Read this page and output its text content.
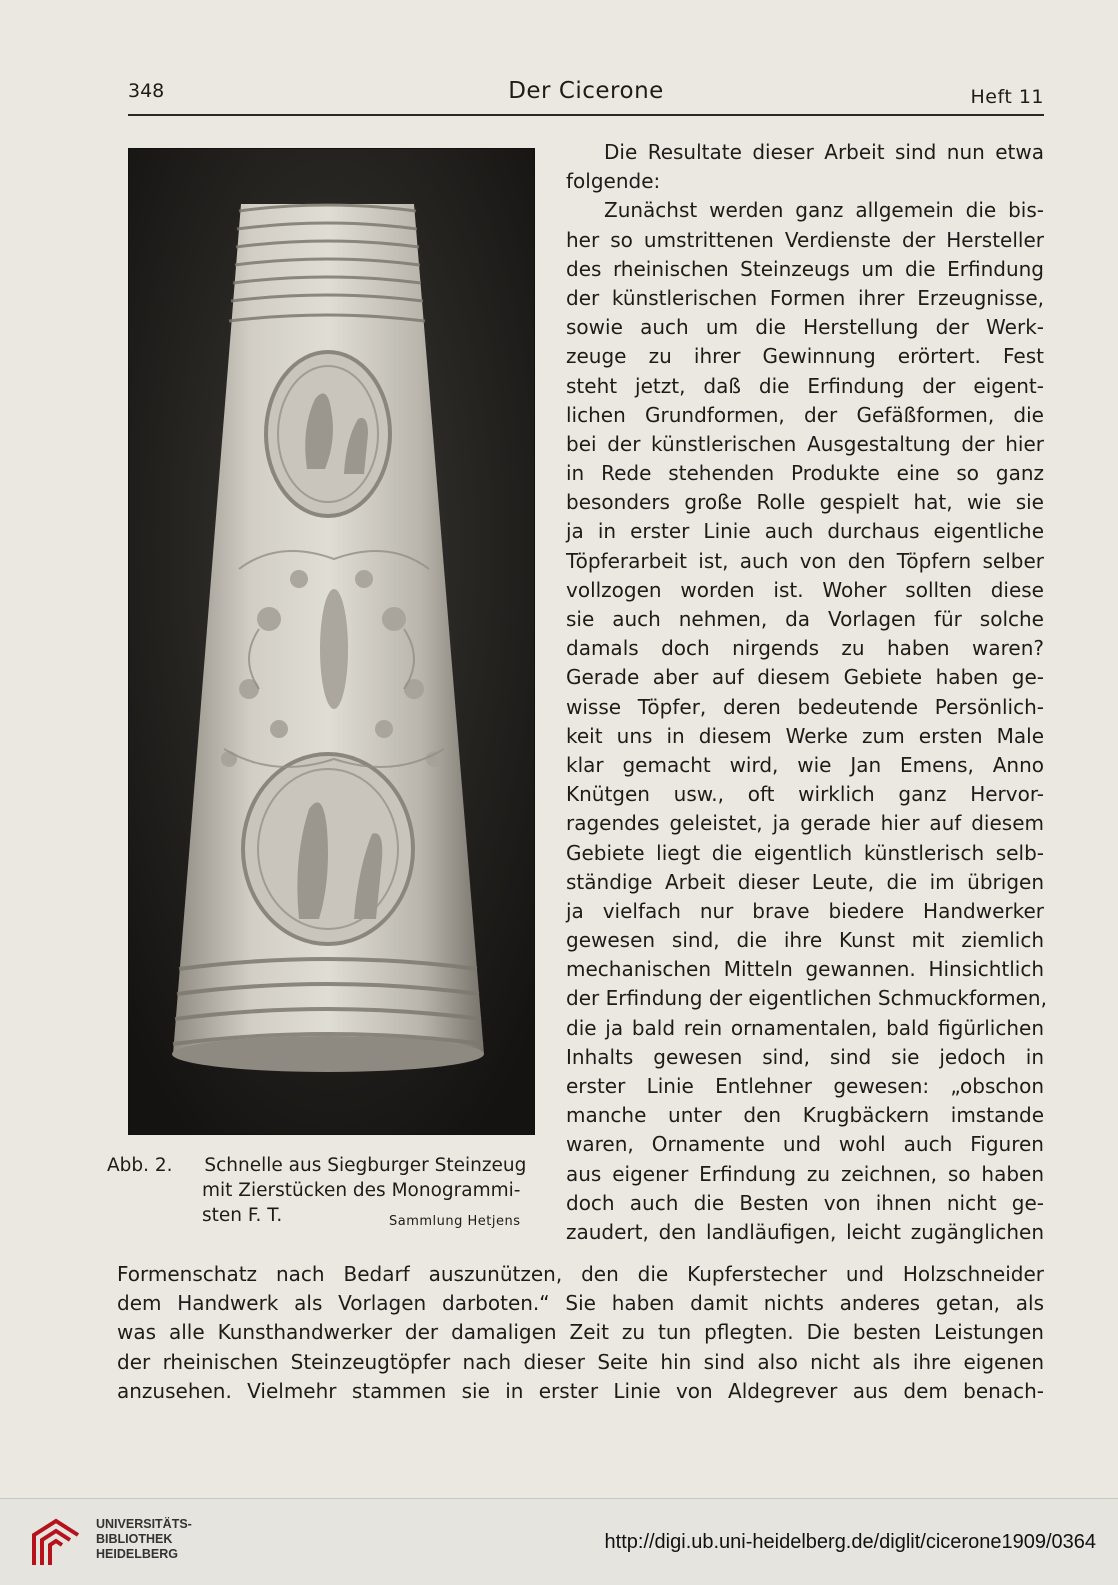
348	Der Cicerone	Heft 11
Abb. 2. Schnelle aus Siegburger Steinzeug
mit Zierstücken des Monogrammi-
sten F. T.	Sammlung Hetjens
Die Resultate dieser Arbeit sind nun etwa
folgende:
Zunächst werden ganz allgemein die bis-
her so umstrittenen Verdienste der Hersteller
des rheinischen Steinzeugs um die Erfindung
der künstlerischen Formen ihrer Erzeugnisse,
sowie auch um die Herstellung der Werk-
zeuge zu ihrer Gewinnung erörtert. Fest
steht jetzt, daß die Erfindung der eigent-
lichen Grundformen, der Gefäßformen, die
bei der künstlerischen Ausgestaltung der hier
in Rede stehenden Produkte eine so ganz
besonders große Rolle gespielt hat, wie sie
ja in erster Linie auch durchaus eigentliche
Töpferarbeit ist, auch von den Töpfern selber
vollzogen worden ist. Woher sollten diese
sie auch nehmen, da Vorlagen für solche
damals doch nirgends zu haben waren?
Gerade aber auf diesem Gebiete haben ge-
wisse Töpfer, deren bedeutende Persönlich-
keit uns in diesem Werke zum ersten Male
klar gemacht wird, wie Jan Emens, Anno
Knütgen usw., oft wirklich ganz Hervor-
ragendes geleistet, ja gerade hier auf diesem
Gebiete liegt die eigentlich künstlerisch selb-
ständige Arbeit dieser Leute, die im übrigen
ja vielfach nur brave biedere Handwerker
gewesen sind, die ihre Kunst mit ziemlich
mechanischen Mitteln gewannen. Hinsichtlich
der Erfindung der eigentlichen Schmuckformen,
die ja bald rein ornamentalen, bald figürlichen
Inhalts gewesen sind, sind sie jedoch in
erster Linie Entlehner gewesen: „obschon
manche unter den Krugbäckern imstande
waren, Ornamente und wohl auch Figuren
aus eigener Erfindung zu zeichnen, so haben
doch auch die Besten von ihnen nicht ge-
zaudert, den landläufigen, leicht zugänglichen
Formenschatz nach Bedarf auszunützen, den die Kupferstecher und Holzschneider
dem Handwerk als Vorlagen darboten.“ Sie haben damit nichts anderes getan, als
was alle Kunsthandwerker der damaligen Zeit zu tun pflegten. Die besten Leistungen
der rheinischen Steinzeugtöpfer nach dieser Seite hin sind also nicht als ihre eigenen
anzusehen. Vielmehr stammen sie in erster Linie von Aldegrever aus dem benach-
UNIVERSITÄTS-
BIBLIOTHEK
HEIDELBERG
http://digi.ub.uni-heidelberg.de/diglit/cicerone1909/0364
